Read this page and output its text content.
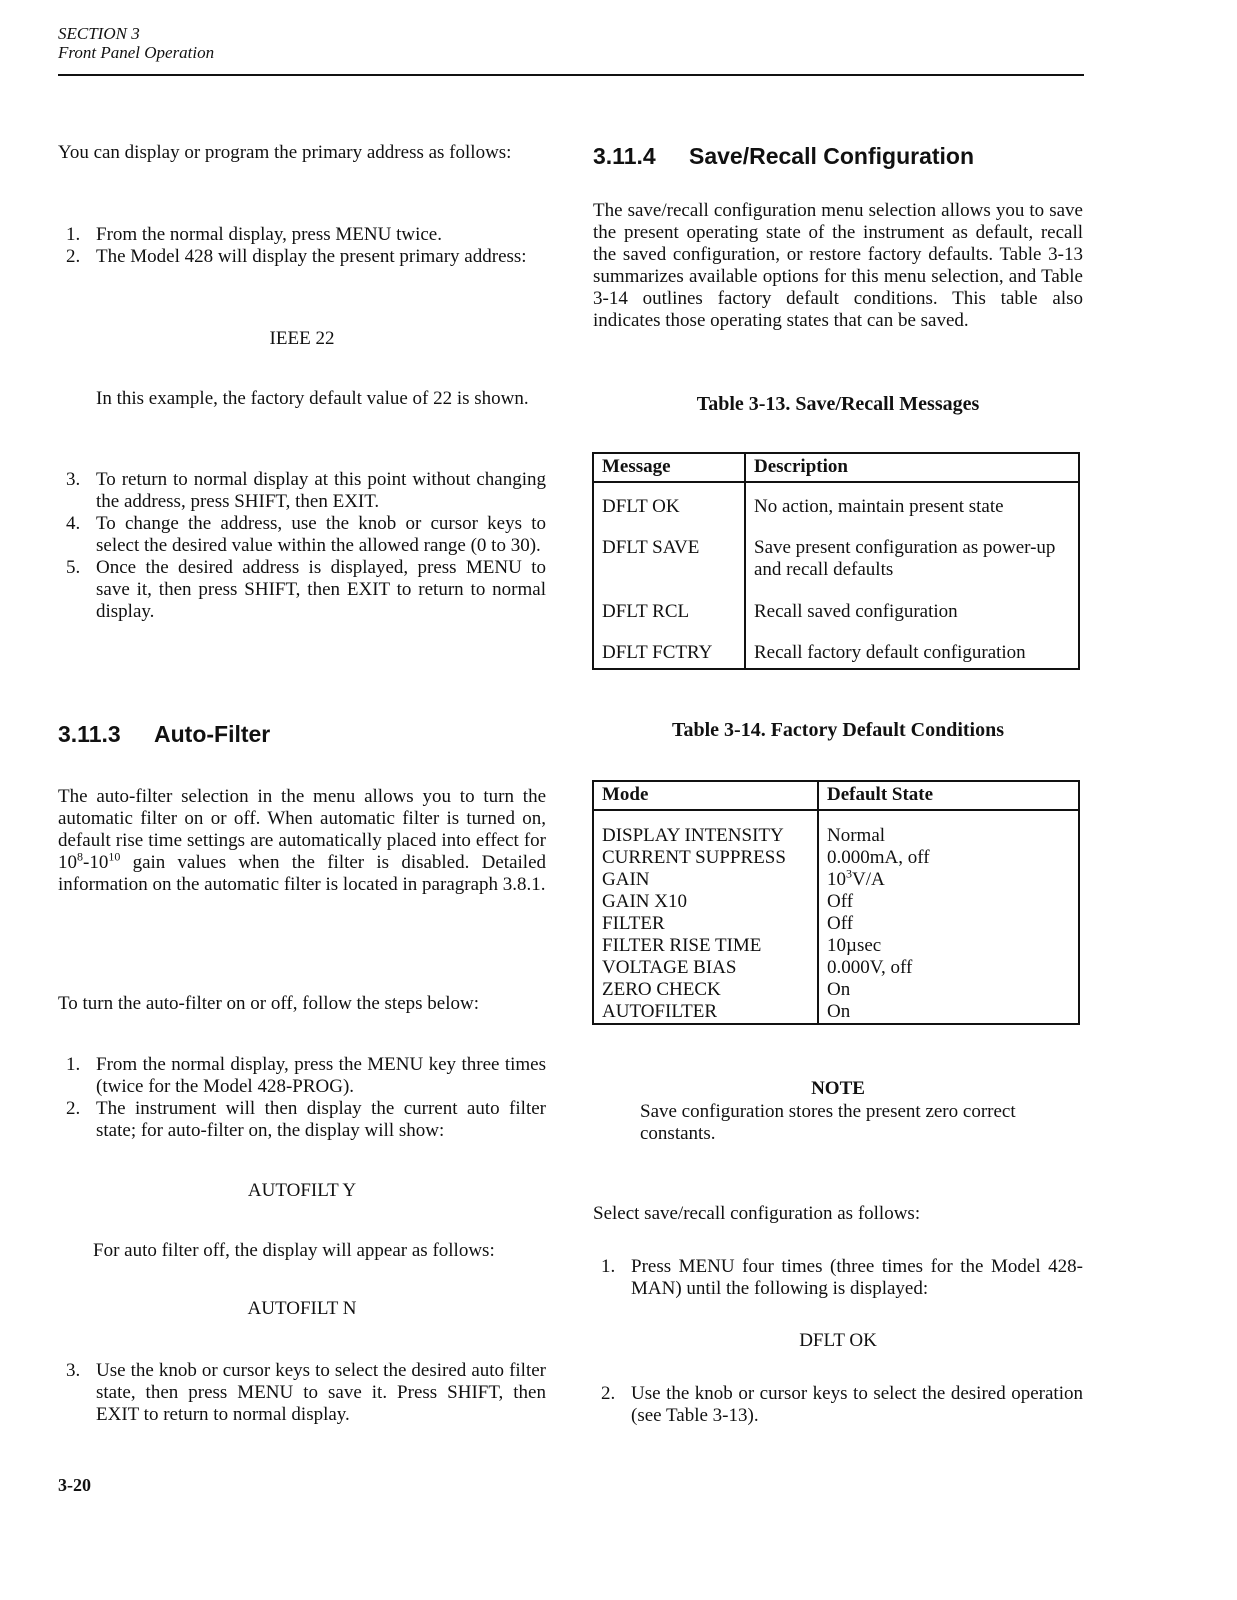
SECTION 3
Front Panel Operation
You can display or program the primary address as follows:
1. From the normal display, press MENU twice.
2. The Model 428 will display the present primary address:
IEEE 22
In this example, the factory default value of 22 is shown.
3. To return to normal display at this point without changing the address, press SHIFT, then EXIT.
4. To change the address, use the knob or cursor keys to select the desired value within the allowed range (0 to 30).
5. Once the desired address is displayed, press MENU to save it, then press SHIFT, then EXIT to return to normal display.
3.11.3 Auto-Filter
The auto-filter selection in the menu allows you to turn the automatic filter on or off. When automatic filter is turned on, default rise time settings are automatically placed into effect for $10^8-10^{10}$ gain values when the filter is disabled. Detailed information on the automatic filter is located in paragraph 3.8.1.
To turn the auto-filter on or off, follow the steps below:
1. From the normal display, press the MENU key three times (twice for the Model 428-PROG).
2. The instrument will then display the current auto filter state; for auto-filter on, the display will show:
AUTOFILT Y
For auto filter off, the display will appear as follows:
AUTOFILT N
3. Use the knob or cursor keys to select the desired auto filter state, then press MENU to save it. Press SHIFT, then EXIT to return to normal display.
3.11.4 Save/Recall Configuration
The save/recall configuration menu selection allows you to save the present operating state of the instrument as default, recall the saved configuration, or restore factory defaults. Table 3-13 summarizes available options for this menu selection, and Table 3-14 outlines factory default conditions. This table also indicates those operating states that can be saved.
Table 3-13. Save/Recall Messages
Message	Description
DFLT OK	No action, maintain present state
DFLT SAVE	Save present configuration as power-up and recall defaults
DFLT RCL	Recall saved configuration
DFLT FCTRY	Recall factory default configuration
Table 3-14. Factory Default Conditions
Mode	Default State
DISPLAY INTENSITY	Normal
CURRENT SUPPRESS	0.000mA, off
GAIN	$10^3V/A$
GAIN X10	Off
FILTER	Off
FILTER RISE TIME	10µsec
VOLTAGE BIAS	0.000V, off
ZERO CHECK	On
AUTOFILTER	On
NOTE
Save configuration stores the present zero correct constants.
Select save/recall configuration as follows:
1. Press MENU four times (three times for the Model 428-MAN) until the following is displayed:
DFLT OK
2. Use the knob or cursor keys to select the desired operation (see Table 3-13).
3-20
